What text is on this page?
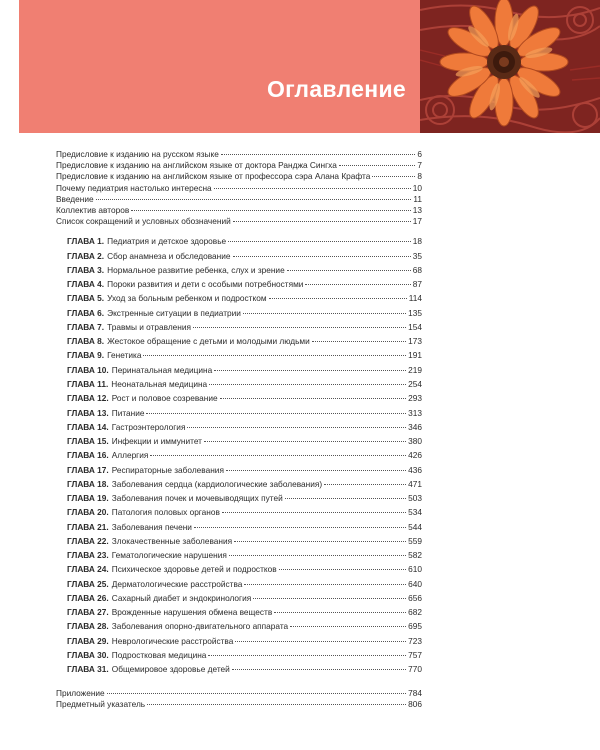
Оглавление
Предисловие к изданию на русском языке	6
Предисловие к изданию на английском языке от доктора Ранджа Сингха	7
Предисловие к изданию на английском языке от профессора сэра Алана Крафта	8
Почему педиатрия настолько интересна	10
Введение	11
Коллектив авторов	13
Список сокращений и условных обозначений	17
ГЛАВА 1. Педиатрия и детское здоровье	18
ГЛАВА 2. Сбор анамнеза и обследование	35
ГЛАВА 3. Нормальное развитие ребенка, слух и зрение	68
ГЛАВА 4. Пороки развития и дети с особыми потребностями	87
ГЛАВА 5. Уход за больным ребенком и подростком	114
ГЛАВА 6. Экстренные ситуации в педиатрии	135
ГЛАВА 7. Травмы и отравления	154
ГЛАВА 8. Жестокое обращение с детьми и молодыми людьми	173
ГЛАВА 9. Генетика	191
ГЛАВА 10. Перинатальная медицина	219
ГЛАВА 11. Неонатальная медицина	254
ГЛАВА 12. Рост и половое созревание	293
ГЛАВА 13. Питание	313
ГЛАВА 14. Гастроэнтерология	346
ГЛАВА 15. Инфекции и иммунитет	380
ГЛАВА 16. Аллергия	426
ГЛАВА 17. Респираторные заболевания	436
ГЛАВА 18. Заболевания сердца (кардиологические заболевания)	471
ГЛАВА 19. Заболевания почек и мочевыводящих путей	503
ГЛАВА 20. Патология половых органов	534
ГЛАВА 21. Заболевания печени	544
ГЛАВА 22. Злокачественные заболевания	559
ГЛАВА 23. Гематологические нарушения	582
ГЛАВА 24. Психическое здоровье детей и подростков	610
ГЛАВА 25. Дерматологические расстройства	640
ГЛАВА 26. Сахарный диабет и эндокринология	656
ГЛАВА 27. Врожденные нарушения обмена веществ	682
ГЛАВА 28. Заболевания опорно-двигательного аппарата	695
ГЛАВА 29. Неврологические расстройства	723
ГЛАВА 30. Подростковая медицина	757
ГЛАВА 31. Общемировое здоровье детей	770
Приложение	784
Предметный указатель	806
